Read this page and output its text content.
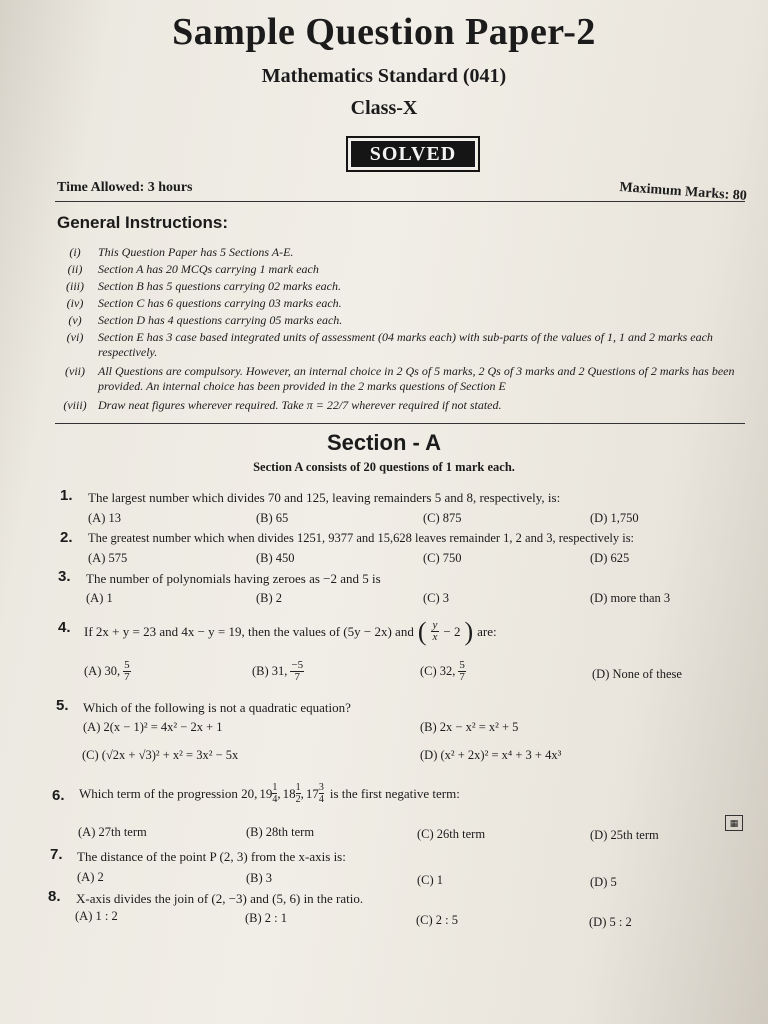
Sample Question Paper-2
Mathematics Standard (041)
Class-X
SOLVED
Time Allowed: 3 hours	Maximum Marks: 80
General Instructions:
(i)	This Question Paper has 5 Sections A-E.
(ii)	Section A has 20 MCQs carrying 1 mark each
(iii)	Section B has 5 questions carrying 02 marks each.
(iv)	Section C has 6 questions carrying 03 marks each.
(v)	Section D has 4 questions carrying 05 marks each.
(vi)	Section E has 3 case based integrated units of assessment (04 marks each) with sub-parts of the values of 1, 1 and 2 marks each respectively.
(vii)	All Questions are compulsory. However, an internal choice in 2 Qs of 5 marks, 2 Qs of 3 marks and 2 Questions of 2 marks has been provided. An internal choice has been provided in the 2 marks questions of Section E
(viii) Draw neat figures wherever required. Take π = 22/7 wherever required if not stated.
Section - A
Section A consists of 20 questions of 1 mark each.
1. The largest number which divides 70 and 125, leaving remainders 5 and 8, respectively, is:
(A) 13	(B) 65	(C) 875	(D) 1,750
2. The greatest number which when divides 1251, 9377 and 15,628 leaves remainder 1, 2 and 3, respectively is:
(A) 575	(B) 450	(C) 750	(D) 625
3. The number of polynomials having zeroes as −2 and 5 is
(A) 1	(B) 2	(C) 3	(D) more than 3
4. If 2x + y = 23 and 4x − y = 19, then the values of (5y − 2x) and ( $\frac{y}{x} - 2$ ) are:
(A) 30, $\frac{5}{7}$	(B) 31, $\frac{-5}{7}$	(C) 32, $\frac{5}{7}$	(D) None of these
5. Which of the following is not a quadratic equation?
(A) 2(x − 1)² = 4x² − 2x + 1	(B) 2x − x² = x² + 5
(C) (√2x + √3)² + x² = 3x² − 5x	(D) (x² + 2x)² = x⁴ + 3 + 4x³
6. Which term of the progression 20, $19 \frac{1}{4}$ , $18 \frac{1}{2}$ , $17 \frac{3}{4}$ is the first negative term:
(A) 27th term	(B) 28th term	(C) 26th term	(D) 25th term
▦
7. The distance of the point P (2, 3) from the x-axis is:
(A) 2	(B) 3	(C) 1	(D) 5
8. X-axis divides the join of (2, −3) and (5, 6) in the ratio.
(A) 1 : 2	(B) 2 : 1	(C) 2 : 5	(D) 5 : 2
